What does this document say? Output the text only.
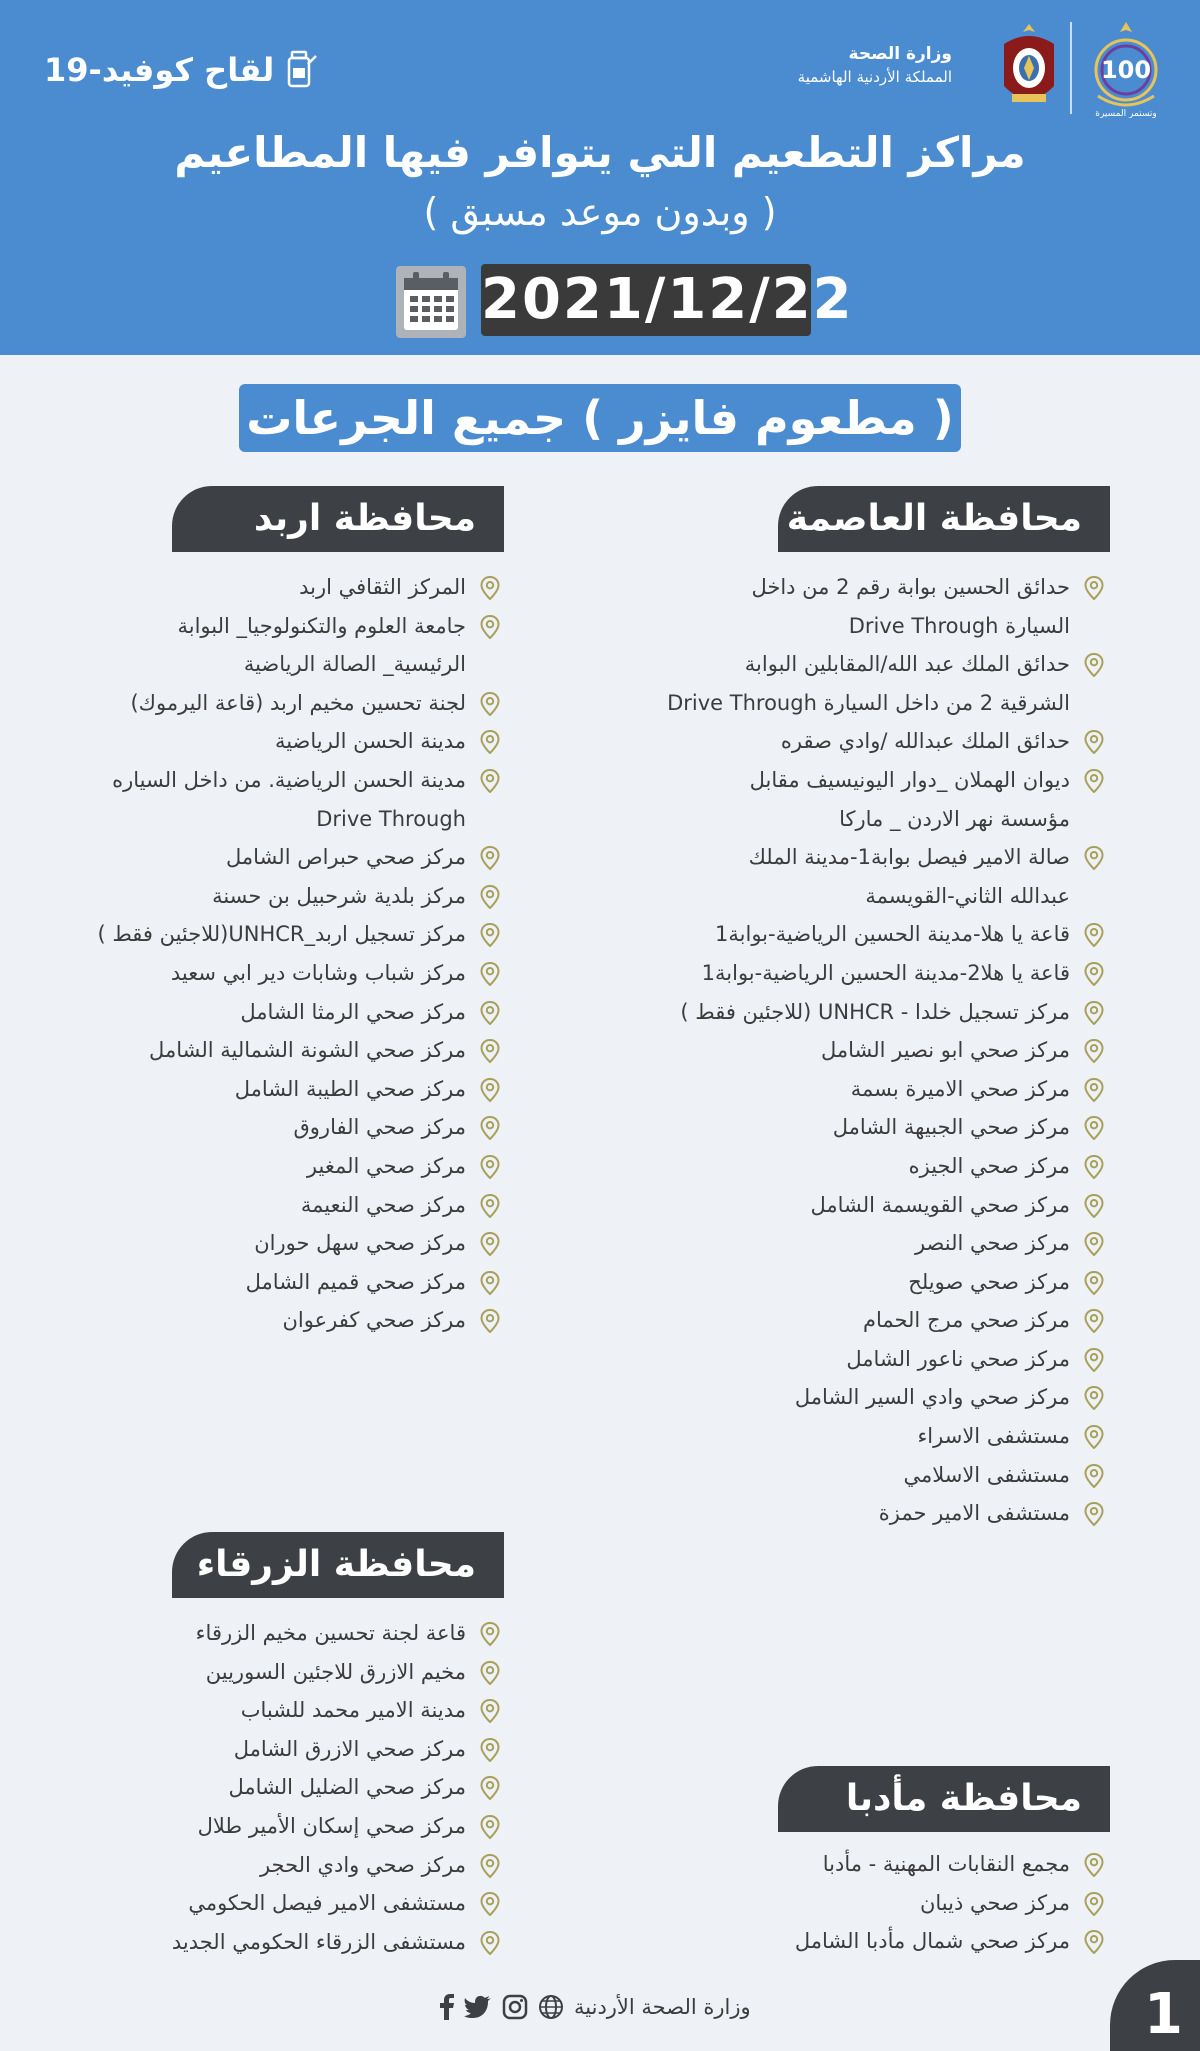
100
وتستمر المسيرة
وزارة الصحة
المملكة الأردنية الهاشمية
لقاح كوفيد-19
مراكز التطعيم التي يتوافر فيها المطاعيم
( وبدون موعد مسبق )
2021/12/22
( مطعوم فايزر ) جميع الجرعات
محافظة العاصمة
محافظة اربد
محافظة الزرقاء
محافظة مأدبا
حدائق الحسين بوابة رقم 2 من داخل
السيارة Drive Through
حدائق الملك عبد الله/المقابلين البوابة
الشرقية 2 من داخل السيارة Drive Through
حدائق الملك عبدالله /وادي صقره
ديوان الهملان _دوار اليونيسيف مقابل
مؤسسة نهر الاردن _ ماركا
صالة الامير فيصل بوابة1-مدينة الملك
عبدالله الثاني-القويسمة
قاعة يا هلا-مدينة الحسين الرياضية-بوابة1
قاعة يا هلا2-مدينة الحسين الرياضية-بوابة1
مركز تسجيل خلدا - UNHCR (للاجئين فقط )
مركز صحي ابو نصير الشامل
مركز صحي الاميرة بسمة
مركز صحي الجبيهة الشامل
مركز صحي الجيزه
مركز صحي القويسمة الشامل
مركز صحي النصر
مركز صحي صويلح
مركز صحي مرج الحمام
مركز صحي ناعور الشامل
مركز صحي وادي السير الشامل
مستشفى الاسراء
مستشفى الاسلامي
مستشفى الامير حمزة
المركز الثقافي اربد
جامعة العلوم والتكنولوجيا_ البوابة
الرئيسية_ الصالة الرياضية
لجنة تحسين مخيم اربد (قاعة اليرموك)
مدينة الحسن الرياضية
مدينة الحسن الرياضية. من داخل السياره
Drive Through
مركز صحي حبراص الشامل
مركز بلدية شرحبيل بن حسنة
مركز تسجيل اربد_UNHCR(للاجئين فقط )
مركز شباب وشابات دير ابي سعيد
مركز صحي الرمثا الشامل
مركز صحي الشونة الشمالية الشامل
مركز صحي الطيبة الشامل
مركز صحي الفاروق
مركز صحي المغير
مركز صحي النعيمة
مركز صحي سهل حوران
مركز صحي قميم الشامل
مركز صحي كفرعوان
قاعة لجنة تحسين مخيم الزرقاء
مخيم الازرق للاجئين السوريين
مدينة الامير محمد للشباب
مركز صحي الازرق الشامل
مركز صحي الضليل الشامل
مركز صحي إسكان الأمير طلال
مركز صحي وادي الحجر
مستشفى الامير فيصل الحكومي
مستشفى الزرقاء الحكومي الجديد
مجمع النقابات المهنية - مأدبا
مركز صحي ذيبان
مركز صحي شمال مأدبا الشامل
وزارة الصحة الأردنية	1
